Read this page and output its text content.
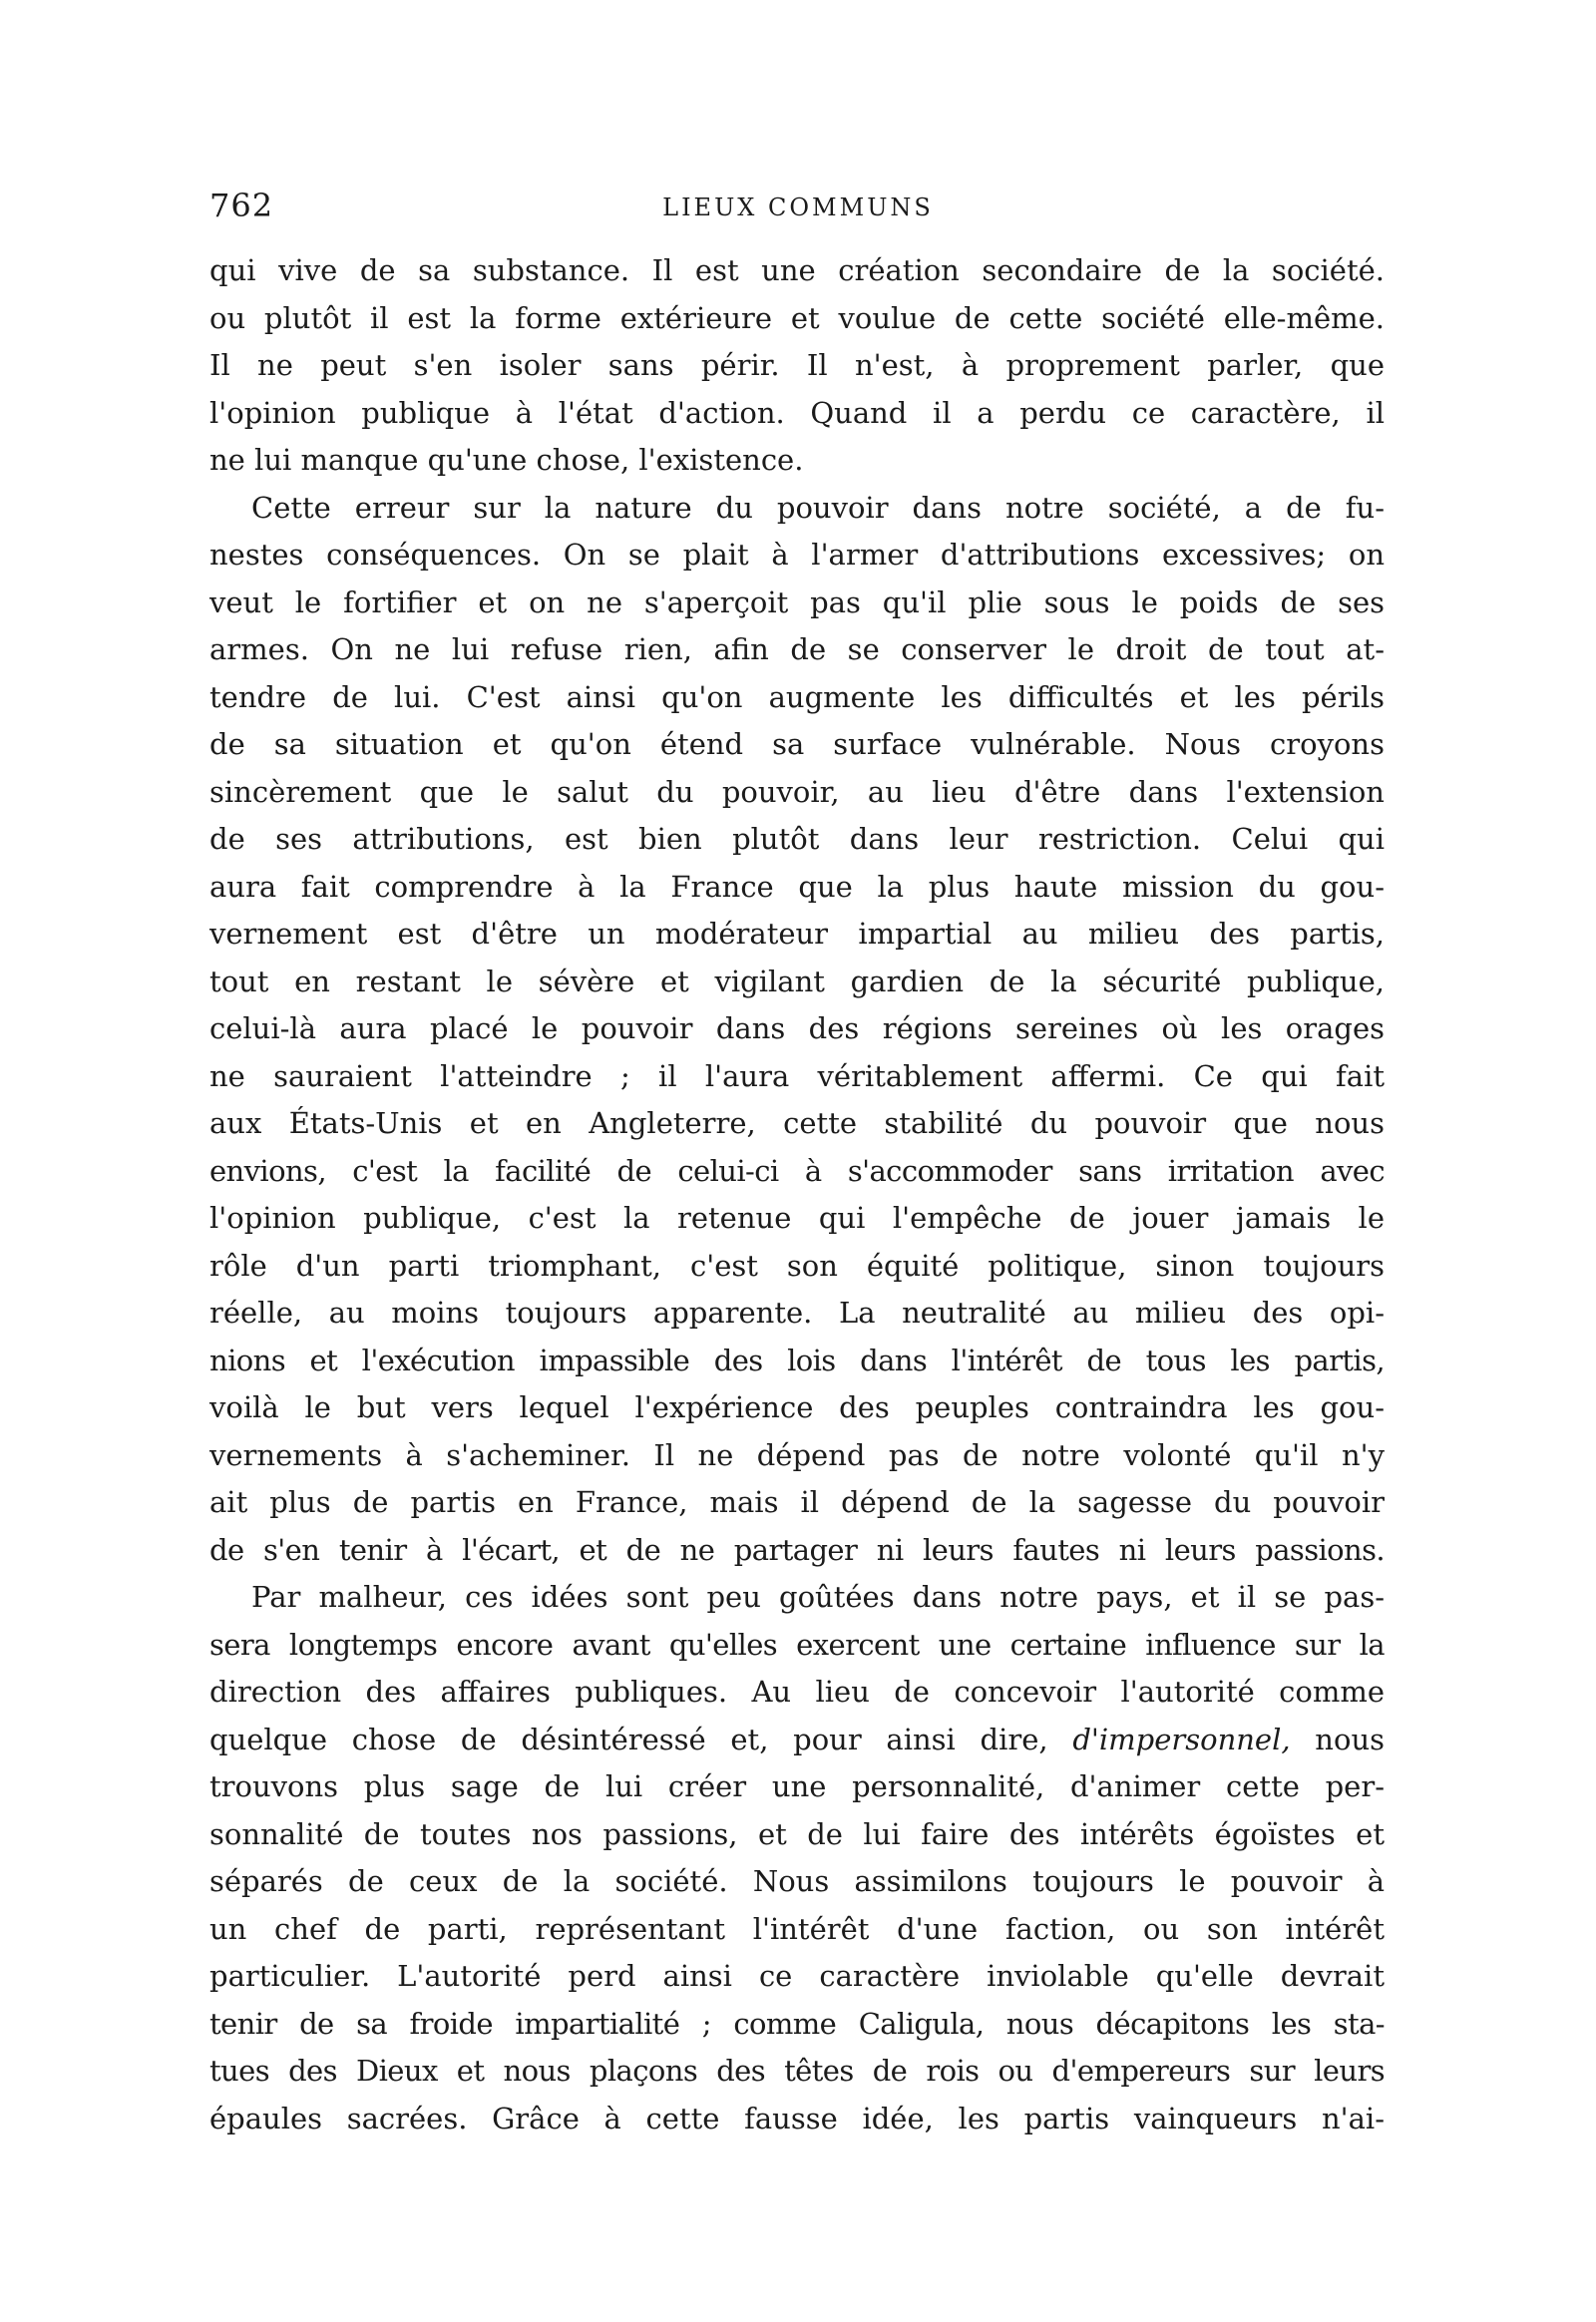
762	LIEUX COMMUNS
qui vive de sa substance. Il est une création secondaire de la société.
ou plutôt il est la forme extérieure et voulue de cette société elle-même.
Il ne peut s'en isoler sans périr. Il n'est, à proprement parler, que
l'opinion publique à l'état d'action. Quand il a perdu ce caractère, il
ne lui manque qu'une chose, l'existence.
Cette erreur sur la nature du pouvoir dans notre société, a de fu-
nestes conséquences. On se plait à l'armer d'attributions excessives; on
veut le fortifier et on ne s'aperçoit pas qu'il plie sous le poids de ses
armes. On ne lui refuse rien, afin de se conserver le droit de tout at-
tendre de lui. C'est ainsi qu'on augmente les difficultés et les périls
de sa situation et qu'on étend sa surface vulnérable. Nous croyons
sincèrement que le salut du pouvoir, au lieu d'être dans l'extension
de ses attributions, est bien plutôt dans leur restriction. Celui qui
aura fait comprendre à la France que la plus haute mission du gou-
vernement est d'être un modérateur impartial au milieu des partis,
tout en restant le sévère et vigilant gardien de la sécurité publique,
celui-là aura placé le pouvoir dans des régions sereines où les orages
ne sauraient l'atteindre ; il l'aura véritablement affermi. Ce qui fait
aux États-Unis et en Angleterre, cette stabilité du pouvoir que nous
envions, c'est la facilité de celui-ci à s'accommoder sans irritation avec
l'opinion publique, c'est la retenue qui l'empêche de jouer jamais le
rôle d'un parti triomphant, c'est son équité politique, sinon toujours
réelle, au moins toujours apparente. La neutralité au milieu des opi-
nions et l'exécution impassible des lois dans l'intérêt de tous les partis,
voilà le but vers lequel l'expérience des peuples contraindra les gou-
vernements à s'acheminer. Il ne dépend pas de notre volonté qu'il n'y
ait plus de partis en France, mais il dépend de la sagesse du pouvoir
de s'en tenir à l'écart, et de ne partager ni leurs fautes ni leurs passions.
Par malheur, ces idées sont peu goûtées dans notre pays, et il se pas-
sera longtemps encore avant qu'elles exercent une certaine influence sur la
direction des affaires publiques. Au lieu de concevoir l'autorité comme
quelque chose de désintéressé et, pour ainsi dire, d'impersonnel, nous
trouvons plus sage de lui créer une personnalité, d'animer cette per-
sonnalité de toutes nos passions, et de lui faire des intérêts égoïstes et
séparés de ceux de la société. Nous assimilons toujours le pouvoir à
un chef de parti, représentant l'intérêt d'une faction, ou son intérêt
particulier. L'autorité perd ainsi ce caractère inviolable qu'elle devrait
tenir de sa froide impartialité ; comme Caligula, nous décapitons les sta-
tues des Dieux et nous plaçons des têtes de rois ou d'empereurs sur leurs
épaules sacrées. Grâce à cette fausse idée, les partis vainqueurs n'ai-
